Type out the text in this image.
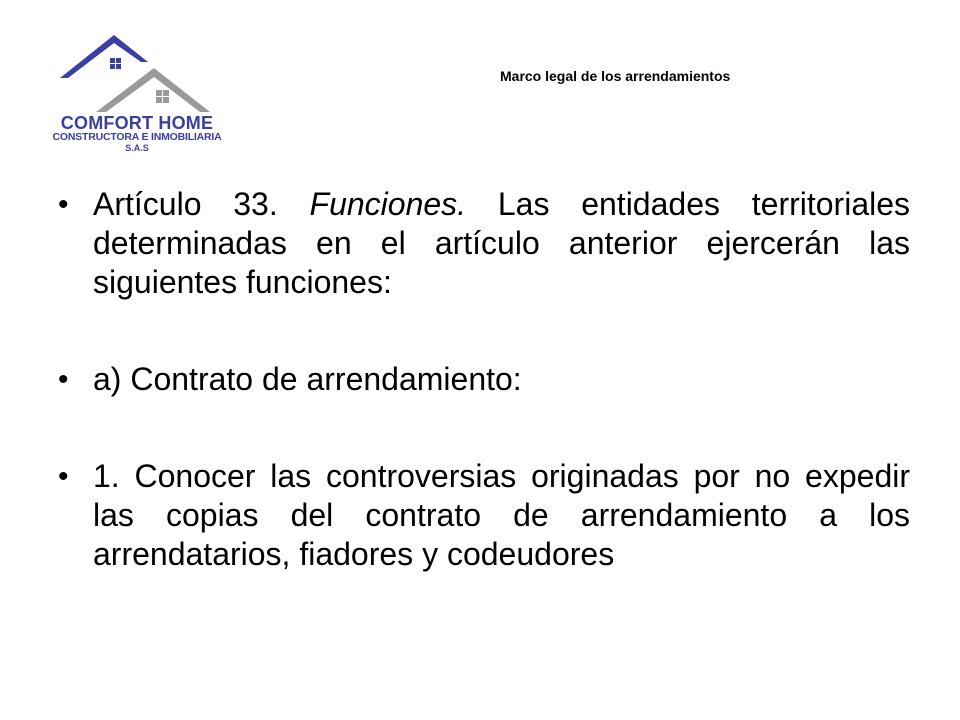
COMFORT HOME
CONSTRUCTORA E INMOBILIARIA
S.A.S
Marco legal de los arrendamientos
• Artículo 33. Funciones. Las entidades territoriales determinadas en el artículo anterior ejercerán las siguientes funciones:
• a) Contrato de arrendamiento:
• 1. Conocer las controversias originadas por no expedir las copias del contrato de arrendamiento a los arrendatarios, fiadores y codeudores
